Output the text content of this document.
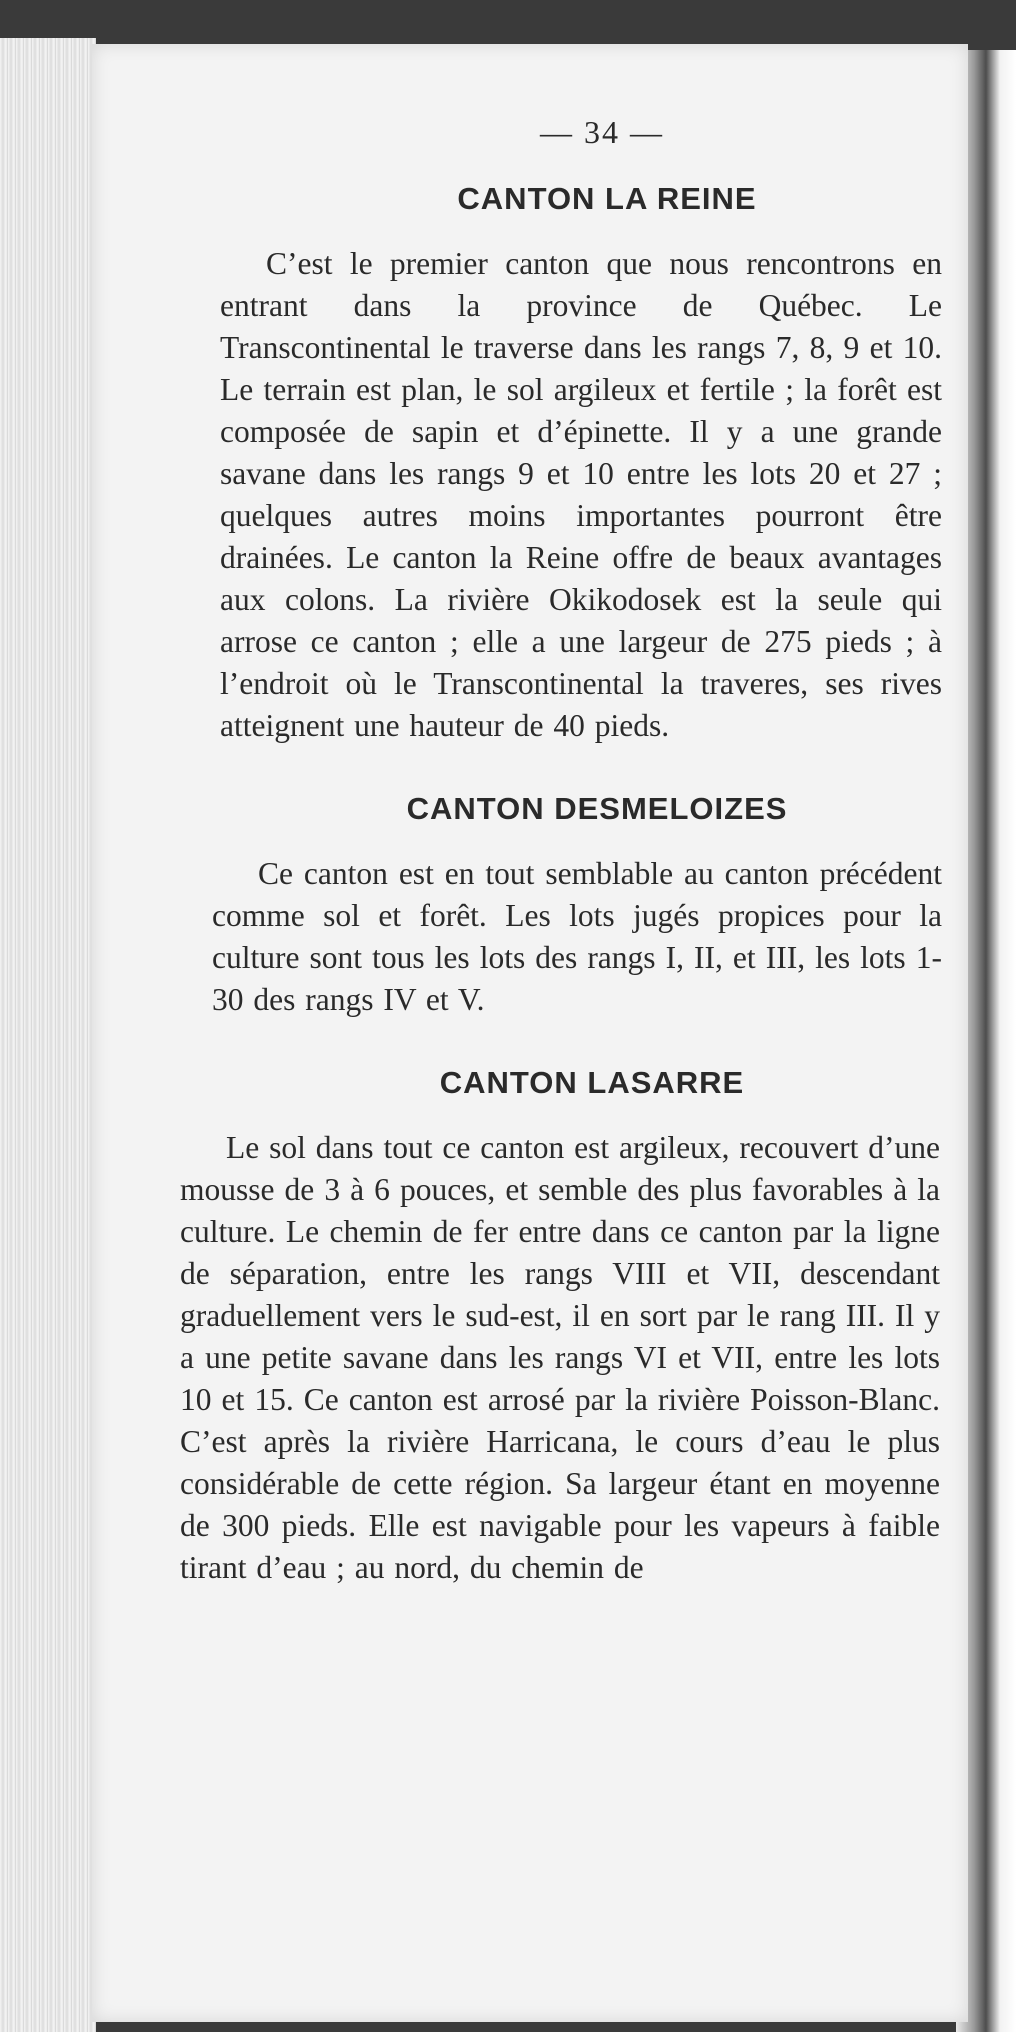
— 34 —
CANTON LA REINE

C’est le premier canton que nous rencontrons en entrant dans la province de Québec. Le Transcontinental le traverse dans les rangs 7, 8, 9 et 10. Le terrain est plan, le sol argileux et fertile ; la forêt est composée de sapin et d’épinette. Il y a une grande savane dans les rangs 9 et 10 entre les lots 20 et 27 ; quelques autres moins importantes pourront être drainées. Le canton la Reine offre de beaux avantages aux colons. La rivière Okikodosek est la seule qui arrose ce canton ; elle a une largeur de 275 pieds ; à l’endroit où le Transcontinental la traveres, ses rives atteignent une hauteur de 40 pieds.

CANTON DESMELOIZES

Ce canton est en tout semblable au canton précédent comme sol et forêt. Les lots jugés propices pour la culture sont tous les lots des rangs I, II, et III, les lots 1-30 des rangs IV et V.

CANTON LASARRE

Le sol dans tout ce canton est argileux, recouvert d’une mousse de 3 à 6 pouces, et semble des plus favorables à la culture. Le chemin de fer entre dans ce canton par la ligne de séparation, entre les rangs VIII et VII, descendant graduellement vers le sud-est, il en sort par le rang III. Il y a une petite savane dans les rangs VI et VII, entre les lots 10 et 15. Ce canton est arrosé par la rivière Poisson-Blanc. C’est après la rivière Harricana, le cours d’eau le plus considérable de cette région. Sa largeur étant en moyenne de 300 pieds. Elle est navigable pour les vapeurs à faible tirant d’eau ; au nord, du chemin de
